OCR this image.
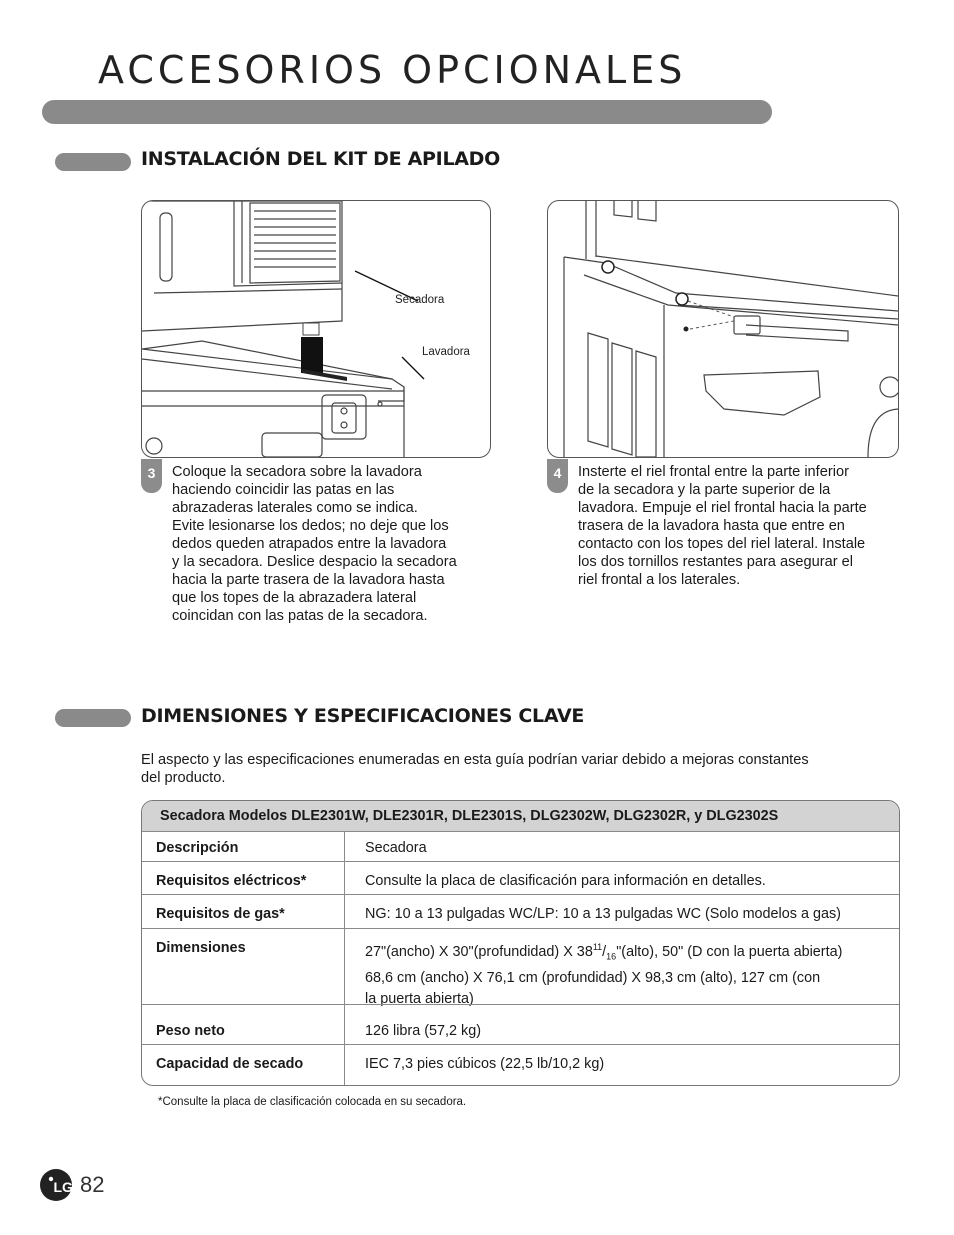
ACCESORIOS OPCIONALES
INSTALACIÓN DEL KIT DE APILADO
Secadora
Lavadora
3	Coloque la secadora sobre la lavadora
haciendo coincidir las patas en las
abrazaderas laterales como se indica.
Evite lesionarse los dedos; no deje que los
dedos queden atrapados entre la lavadora
y la secadora. Deslice despacio la secadora
hacia la parte trasera de la lavadora hasta
que los topes de la abrazadera lateral
coincidan con las patas de la secadora.
4	Insterte el riel frontal entre la parte inferior
de la secadora y la parte superior de la
lavadora. Empuje el riel frontal hacia la parte
trasera de la lavadora hasta que entre en
contacto con los topes del riel lateral. Instale
los dos tornillos restantes para asegurar el
riel frontal a los laterales.
DIMENSIONES Y ESPECIFICACIONES CLAVE
El aspecto y las especificaciones enumeradas en esta guía podrían variar debido a mejoras constantes
del producto.
Secadora Modelos DLE2301W, DLE2301R, DLE2301S, DLG2302W, DLG2302R, y DLG2302S
Descripción	Secadora
Requisitos eléctricos*	Consulte la placa de clasificación para información en detalles.
Requisitos de gas*	NG: 10 a 13 pulgadas WC/LP: 10 a 13 pulgadas WC (Solo modelos a gas)
Dimensiones	27"(ancho) X 30"(profundidad) X $38^{11}/_{16}"(alto)$, 50" (D con la puerta abierta)
68,6 cm (ancho) X 76,1 cm (profundidad) X 98,3 cm (alto), 127 cm (con
la puerta abierta)
Peso neto	126 libra (57,2 kg)
Capacidad de secado	IEC 7,3 pies cúbicos (22,5 lb/10,2 kg)
*Consulte la placa de clasificación colocada en su secadora.
LG 82
